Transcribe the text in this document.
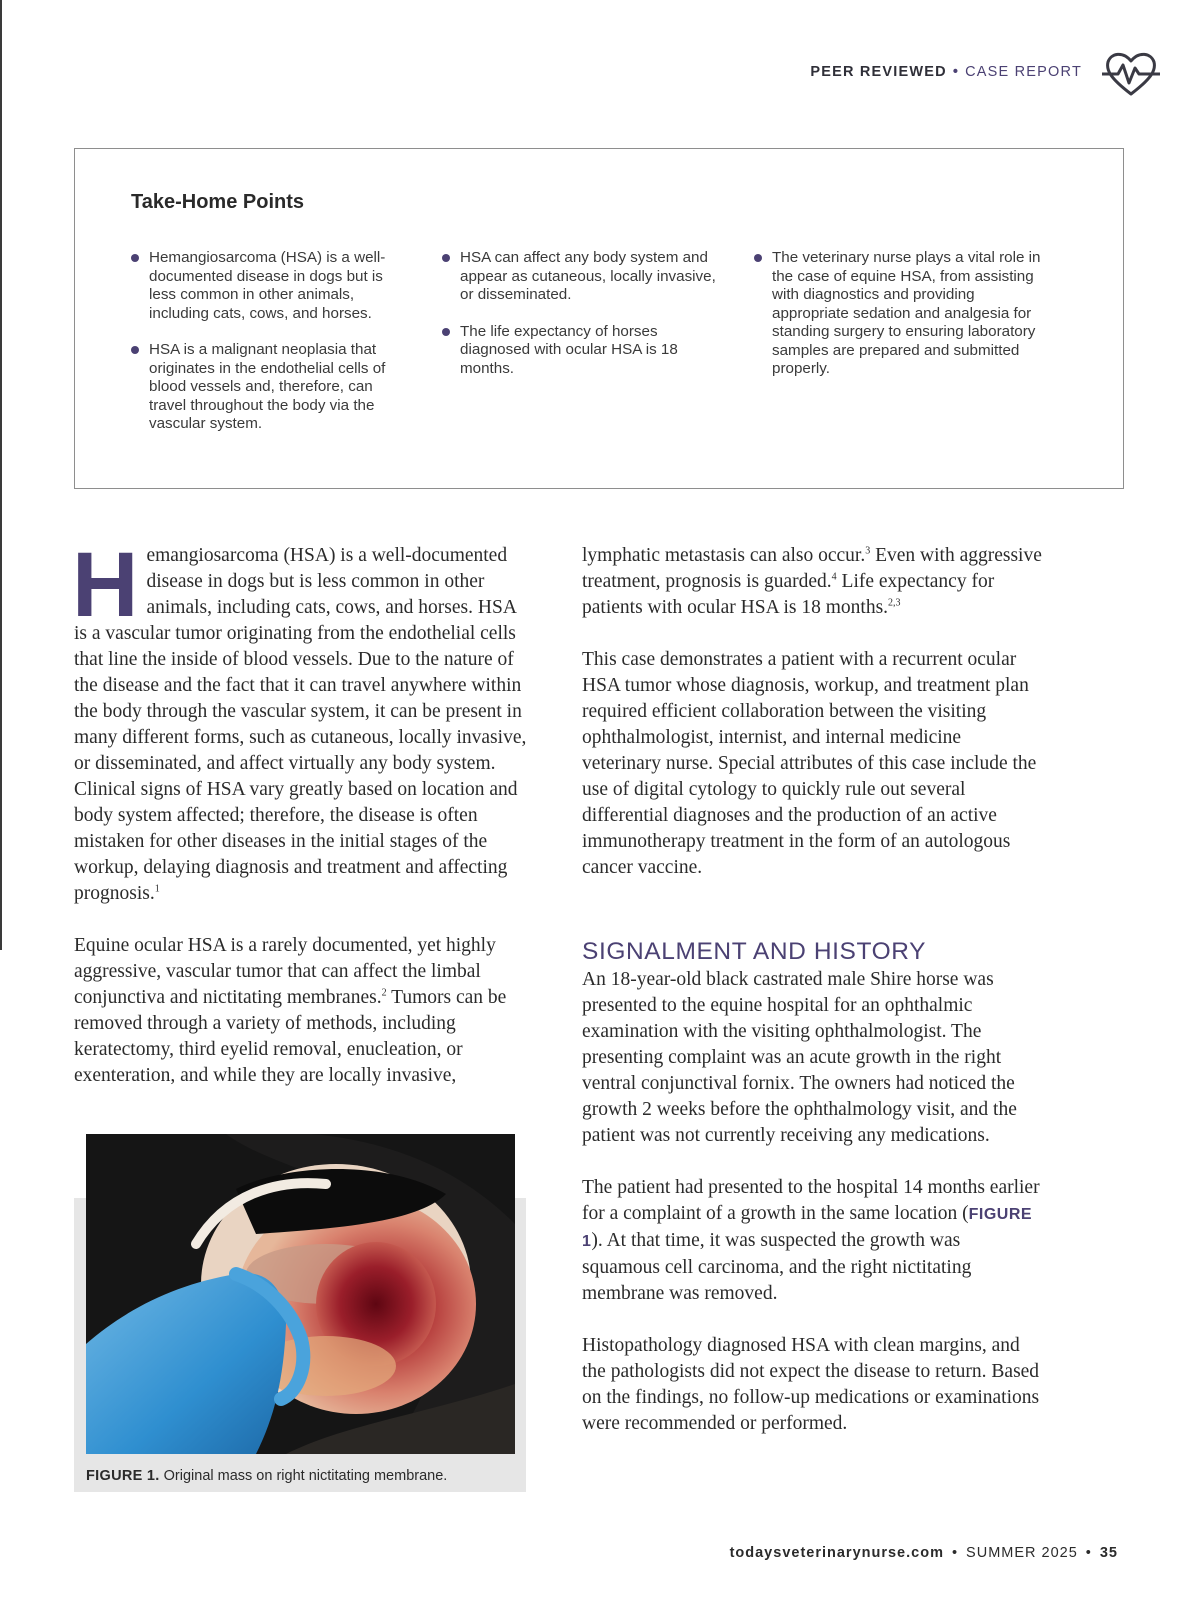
PEER REVIEWED • CASE REPORT
Take-Home Points
Hemangiosarcoma (HSA) is a well-documented disease in dogs but is less common in other animals, including cats, cows, and horses.
HSA is a malignant neoplasia that originates in the endothelial cells of blood vessels and, therefore, can travel throughout the body via the vascular system.
HSA can affect any body system and appear as cutaneous, locally invasive, or disseminated.
The life expectancy of horses diagnosed with ocular HSA is 18 months.
The veterinary nurse plays a vital role in the case of equine HSA, from assisting with diagnostics and providing appropriate sedation and analgesia for standing surgery to ensuring laboratory samples are prepared and submitted properly.

Hemangiosarcoma (HSA) is a well-documented disease in dogs but is less common in other animals, including cats, cows, and horses. HSA is a vascular tumor originating from the endothelial cells that line the inside of blood vessels. Due to the nature of the disease and the fact that it can travel anywhere within the body through the vascular system, it can be present in many different forms, such as cutaneous, locally invasive, or disseminated, and affect virtually any body system. Clinical signs of HSA vary greatly based on location and body system affected; therefore, the disease is often mistaken for other diseases in the initial stages of the workup, delaying diagnosis and treatment and affecting prognosis.$^1$

Equine ocular HSA is a rarely documented, yet highly aggressive, vascular tumor that can affect the limbal conjunctiva and nictitating membranes.$^2$ Tumors can be removed through a variety of methods, including keratectomy, third eyelid removal, enucleation, or exenteration, and while they are locally invasive,

FIGURE 1. Original mass on right nictitating membrane.

lymphatic metastasis can also occur.$^3$ Even with aggressive treatment, prognosis is guarded.$^4$ Life expectancy for patients with ocular HSA is 18 months.$^{2,3}$

This case demonstrates a patient with a recurrent ocular HSA tumor whose diagnosis, workup, and treatment plan required efficient collaboration between the visiting ophthalmologist, internist, and internal medicine veterinary nurse. Special attributes of this case include the use of digital cytology to quickly rule out several differential diagnoses and the production of an active immunotherapy treatment in the form of an autologous cancer vaccine.

SIGNALMENT AND HISTORY

An 18-year-old black castrated male Shire horse was presented to the equine hospital for an ophthalmic examination with the visiting ophthalmologist. The presenting complaint was an acute growth in the right ventral conjunctival fornix. The owners had noticed the growth 2 weeks before the ophthalmology visit, and the patient was not currently receiving any medications.

The patient had presented to the hospital 14 months earlier for a complaint of a growth in the same location (FIGURE 1). At that time, it was suspected the growth was squamous cell carcinoma, and the right nictitating membrane was removed.

Histopathology diagnosed HSA with clean margins, and the pathologists did not expect the disease to return. Based on the findings, no follow-up medications or examinations were recommended or performed.

todaysveterinarynurse.com • SUMMER 2025 • 35
